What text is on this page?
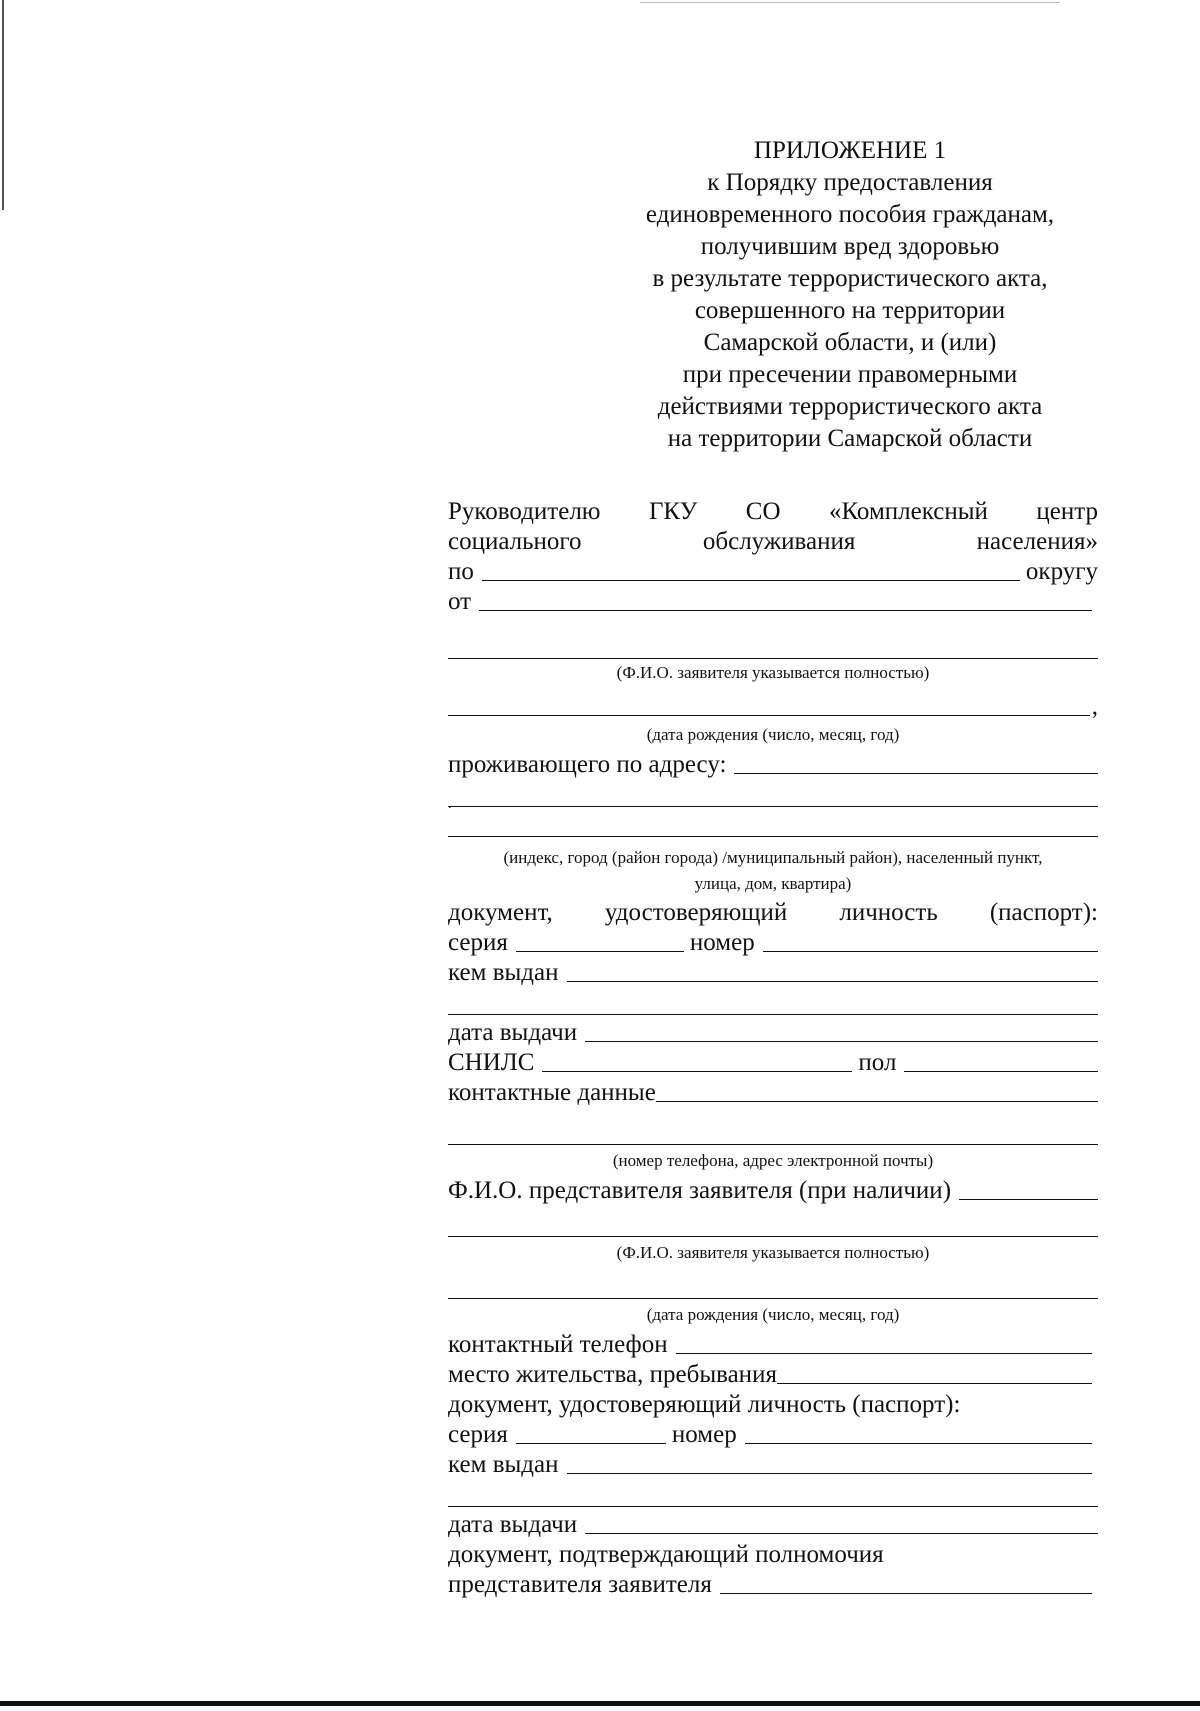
ПРИЛОЖЕНИЕ 1
к Порядку предоставления
единовременного пособия гражданам,
получившим вред здоровью
в результате террористического акта,
совершенного на территории
Самарской области, и (или)
при пресечении правомерными
действиями террористического акта
на территории Самарской области
Руководителю ГКУ СО «Комплексный центр
социального	обслуживания	населения»
по	округу
от
(Ф.И.О. заявителя указывается полностью)
,
(дата рождения (число, месяц, год)
проживающего по адресу:
.
(индекс, город (район города) /муниципальный район), населенный пункт,
улица, дом, квартира)
документ, удостоверяющий личность (паспорт):
серия	номер
кем выдан
дата выдачи
СНИЛС	пол
контактные данные
(номер телефона, адрес электронной почты)
Ф.И.О. представителя заявителя (при наличии)
(Ф.И.О. заявителя указывается полностью)
(дата рождения (число, месяц, год)
контактный телефон
место жительства, пребывания
документ, удостоверяющий личность (паспорт):
серия	номер
кем выдан
дата выдачи
документ, подтверждающий полномочия
представителя заявителя
